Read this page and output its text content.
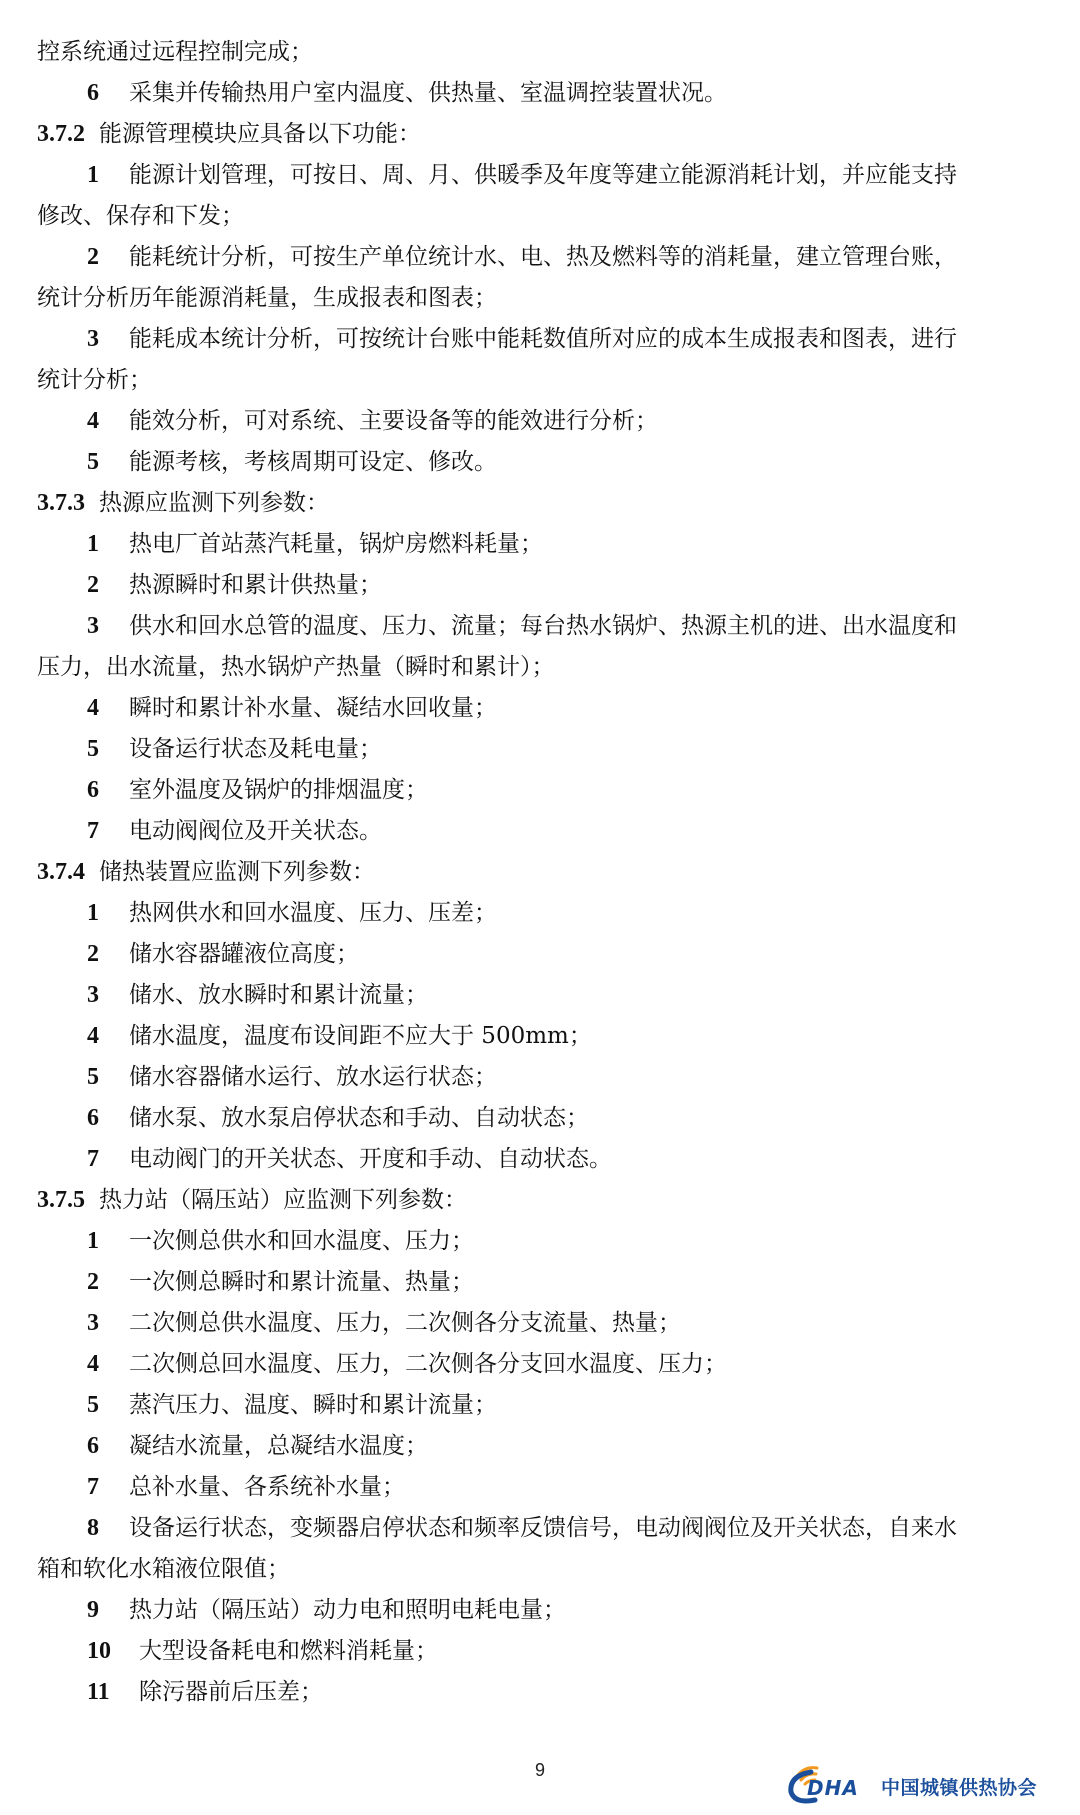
控系统通过远程控制完成；

6 采集并传输热用户室内温度、供热量、室温调控装置状况。

3.7.2 能源管理模块应具备以下功能：

1 能源计划管理，可按日、周、月、供暖季及年度等建立能源消耗计划，并应能支持

修改、保存和下发；

2 能耗统计分析，可按生产单位统计水、电、热及燃料等的消耗量，建立管理台账，

统计分析历年能源消耗量，生成报表和图表；

3 能耗成本统计分析，可按统计台账中能耗数值所对应的成本生成报表和图表，进行

统计分析；

4 能效分析，可对系统、主要设备等的能效进行分析；

5 能源考核，考核周期可设定、修改。

3.7.3 热源应监测下列参数：

1 热电厂首站蒸汽耗量，锅炉房燃料耗量；

2 热源瞬时和累计供热量；

3 供水和回水总管的温度、压力、流量；每台热水锅炉、热源主机的进、出水温度和

压力，出水流量，热水锅炉产热量（瞬时和累计）；

4 瞬时和累计补水量、凝结水回收量；

5 设备运行状态及耗电量；

6 室外温度及锅炉的排烟温度；

7 电动阀阀位及开关状态。

3.7.4 储热装置应监测下列参数：

1 热网供水和回水温度、压力、压差；

2 储水容器罐液位高度；

3 储水、放水瞬时和累计流量；

4 储水温度，温度布设间距不应大于 500mm；

5 储水容器储水运行、放水运行状态；

6 储水泵、放水泵启停状态和手动、自动状态；

7 电动阀门的开关状态、开度和手动、自动状态。

3.7.5 热力站（隔压站）应监测下列参数：

1 一次侧总供水和回水温度、压力；

2 一次侧总瞬时和累计流量、热量；

3 二次侧总供水温度、压力，二次侧各分支流量、热量；

4 二次侧总回水温度、压力，二次侧各分支回水温度、压力；

5 蒸汽压力、温度、瞬时和累计流量；

6 凝结水流量，总凝结水温度；

7 总补水量、各系统补水量；

8 设备运行状态，变频器启停状态和频率反馈信号，电动阀阀位及开关状态，自来水

箱和软化水箱液位限值；

9 热力站（隔压站）动力电和照明电耗电量；

10 大型设备耗电和燃料消耗量；

11 除污器前后压差；

9
DHA 中国城镇供热协会
